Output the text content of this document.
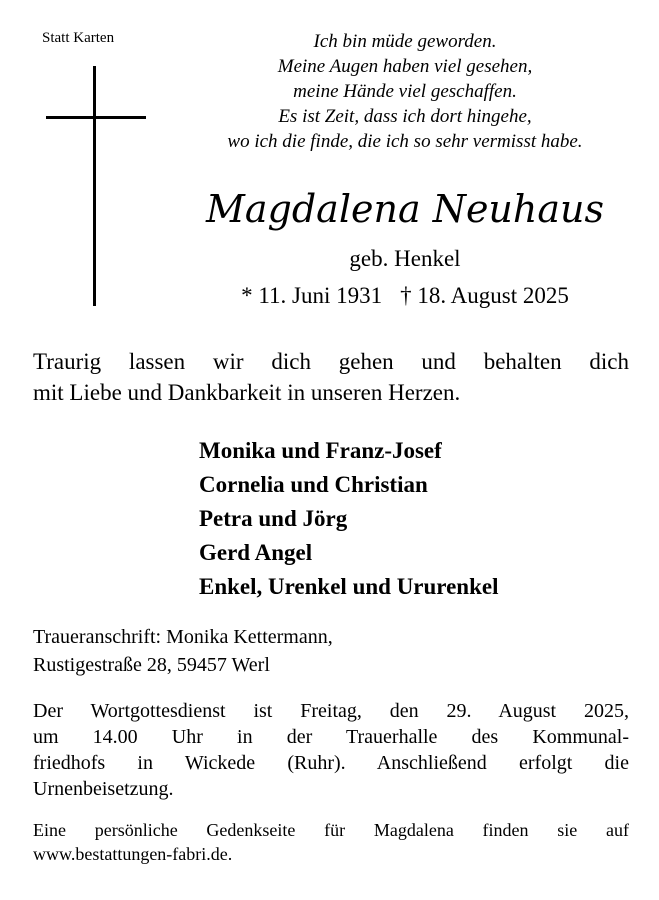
Statt Karten	Ich bin müde geworden.
Meine Augen haben viel gesehen,
meine Hände viel geschaffen.
Es ist Zeit, dass ich dort hingehe,
wo ich die finde, die ich so sehr vermisst habe.
Magdalena Neuhaus
geb. Henkel
* 11. Juni 1931 † 18. August 2025
Traurig lassen wir dich gehen und behalten dich
mit Liebe und Dankbarkeit in unseren Herzen.
Monika und Franz-Josef
Cornelia und Christian
Petra und Jörg
Gerd Angel
Enkel, Urenkel und Ururenkel
Traueranschrift: Monika Kettermann,
Rustigestraße 28, 59457 Werl
Der Wortgottesdienst ist Freitag, den 29. August 2025,
um 14.00 Uhr in der Trauerhalle des Kommunal-
friedhofs in Wickede (Ruhr). Anschließend erfolgt die
Urnenbeisetzung.
Eine persönliche Gedenkseite für Magdalena finden sie auf
www.bestattungen-fabri.de.
